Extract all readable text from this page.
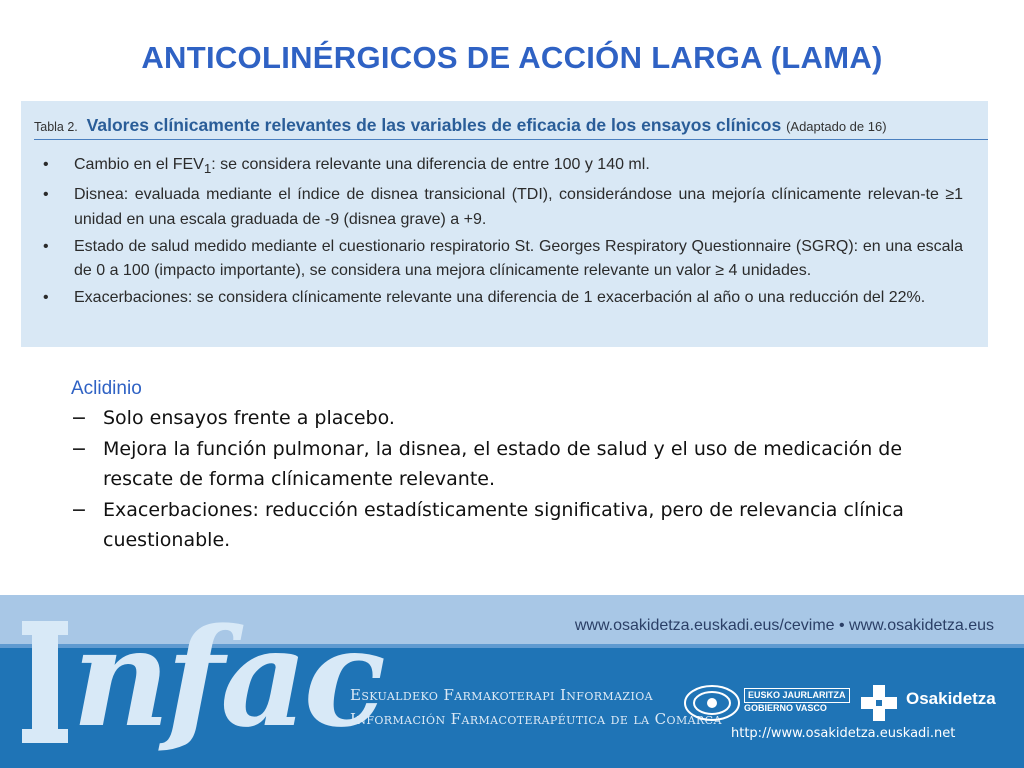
ANTICOLINÉRGICOS DE ACCIÓN LARGA (LAMA)
Tabla 2. Valores clínicamente relevantes de las variables de eficacia de los ensayos clínicos (Adaptado de 16)
• Cambio en el $FEV_1$: se considera relevante una diferencia de entre 100 y 140 ml.
• Disnea: evaluada mediante el índice de disnea transicional (TDI), considerándose una mejoría clínicamente relevan-te ≥1 unidad en una escala graduada de -9 (disnea grave) a +9.
• Estado de salud medido mediante el cuestionario respiratorio St. Georges Respiratory Questionnaire (SGRQ): en una escala de 0 a 100 (impacto importante), se considera una mejora clínicamente relevante un valor ≥ 4 unidades.
• Exacerbaciones: se considera clínicamente relevante una diferencia de 1 exacerbación al año o una reducción del 22%.
Aclidinio
− Solo ensayos frente a placebo.
− Mejora la función pulmonar, la disnea, el estado de salud y el uso de medicación de rescate de forma clínicamente relevante.
− Exacerbaciones: reducción estadísticamente significativa, pero de relevancia clínica cuestionable.
www.osakidetza.euskadi.eus/cevime • www.osakidetza.eus
nfac
Eskualdeko Farmakoterapi Informazioa
Información Farmacoterapéutica de la Comarca
EUSKO JAURLARITZA
GOBIERNO VASCO	Osakidetza
http://www.osakidetza.euskadi.net
